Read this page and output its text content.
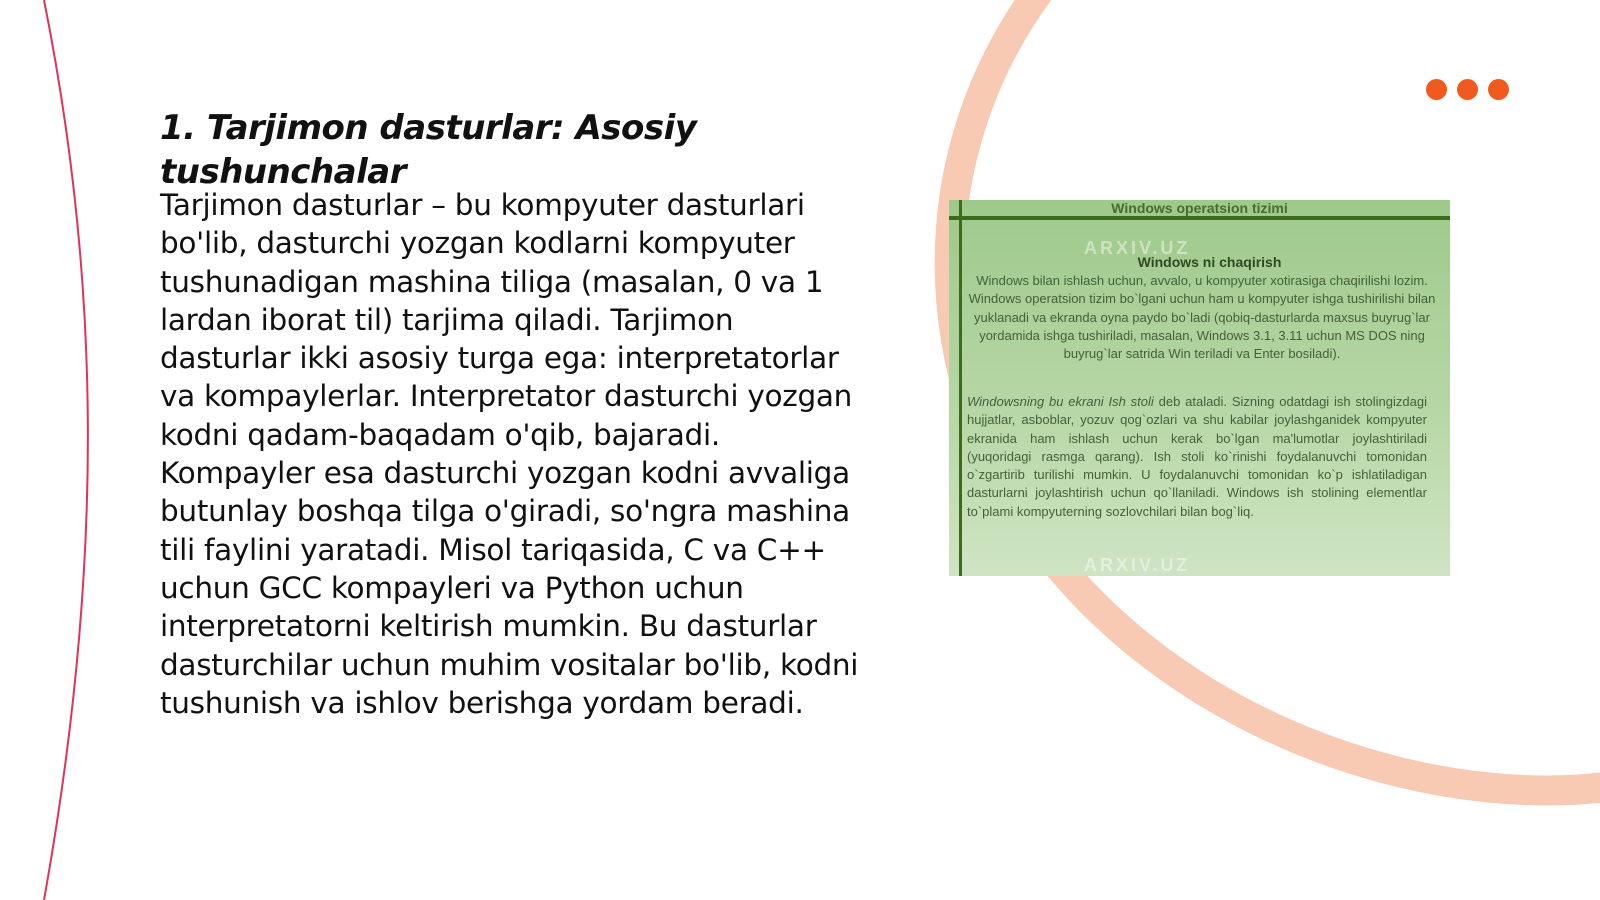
1. Tarjimon dasturlar: Asosiy tushunchalar

Tarjimon dasturlar – bu kompyuter dasturlari bo'lib, dasturchi yozgan kodlarni kompyuter tushunadigan mashina tiliga (masalan, 0 va 1 lardan iborat til) tarjima qiladi. Tarjimon dasturlar ikki asosiy turga ega: interpretatorlar va kompaylerlar. Interpretator dasturchi yozgan kodni qadam-baqadam o'qib, bajaradi. Kompayler esa dasturchi yozgan kodni avvaliga butunlay boshqa tilga o'giradi, so'ngra mashina tili faylini yaratadi. Misol tariqasida, C va C++ uchun GCC kompayleri va Python uchun interpretatorni keltirish mumkin. Bu dasturlar dasturchilar uchun muhim vositalar bo'lib, kodni tushunish va ishlov berishga yordam beradi.

Windows operatsion tizimi
ARXIV.UZ
Windows ni chaqirish

Windows bilan ishlash uchun, avvalo, u kompyuter xotirasiga chaqirilishi lozim. Windows operatsion tizim bo`lgani uchun ham u kompyuter ishga tushirilishi bilan yuklanadi va ekranda oyna paydo bo`ladi (qobiq-dasturlarda maxsus buyrug`lar yordamida ishga tushiriladi, masalan, Windows 3.1, 3.11 uchun MS DOS ning buyrug`lar satrida Win teriladi va Enter bosiladi).

Windowsning bu ekrani Ish stoli deb ataladi. Sizning odatdagi ish stolingizdagi hujjatlar, asboblar, yozuv qog`ozlari va shu kabilar joylashganidek kompyuter ekranida ham ishlash uchun kerak bo`lgan ma'lumotlar joylashtiriladi (yuqoridagi rasmga qarang). Ish stoli ko`rinishi foydalanuvchi tomonidan o`zgartirib turilishi mumkin. U foydalanuvchi tomonidan ko`p ishlatiladigan dasturlarni joylashtirish uchun qo`llaniladi. Windows ish stolining elementlar to`plami kompyuterning sozlovchilari bilan bog`liq.

ARXIV.UZ
